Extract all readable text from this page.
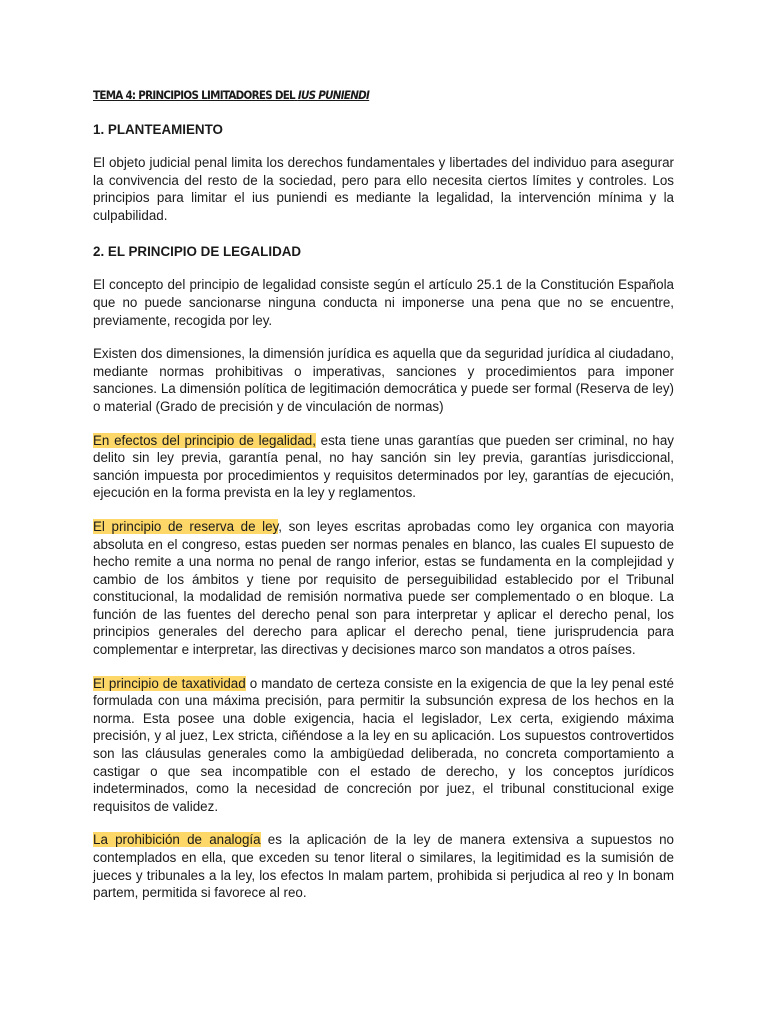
TEMA 4: PRINCIPIOS LIMITADORES DEL IUS PUNIENDI
1. PLANTEAMIENTO

El objeto judicial penal limita los derechos fundamentales y libertades del individuo para asegurar la convivencia del resto de la sociedad, pero para ello necesita ciertos límites y controles. Los principios para limitar el ius puniendi es mediante la legalidad, la intervención mínima y la culpabilidad.

2. EL PRINCIPIO DE LEGALIDAD

El concepto del principio de legalidad consiste según el artículo 25.1 de la Constitución Española que no puede sancionarse ninguna conducta ni imponerse una pena que no se encuentre, previamente, recogida por ley.

Existen dos dimensiones, la dimensión jurídica es aquella que da seguridad jurídica al ciudadano, mediante normas prohibitivas o imperativas, sanciones y procedimientos para imponer sanciones. La dimensión política de legitimación democrática y puede ser formal (Reserva de ley) o material (Grado de precisión y de vinculación de normas)

En efectos del principio de legalidad, esta tiene unas garantías que pueden ser criminal, no hay delito sin ley previa, garantía penal, no hay sanción sin ley previa, garantías jurisdiccional, sanción impuesta por procedimientos y requisitos determinados por ley, garantías de ejecución, ejecución en la forma prevista en la ley y reglamentos.

El principio de reserva de ley, son leyes escritas aprobadas como ley organica con mayoria absoluta en el congreso, estas pueden ser normas penales en blanco, las cuales El supuesto de hecho remite a una norma no penal de rango inferior, estas se fundamenta en la complejidad y cambio de los ámbitos y tiene por requisito de perseguibilidad establecido por el Tribunal constitucional, la modalidad de remisión normativa puede ser complementado o en bloque. La función de las fuentes del derecho penal son para interpretar y aplicar el derecho penal, los principios generales del derecho para aplicar el derecho penal, tiene jurisprudencia para complementar e interpretar, las directivas y decisiones marco son mandatos a otros países.

El principio de taxatividad o mandato de certeza consiste en la exigencia de que la ley penal esté formulada con una máxima precisión, para permitir la subsunción expresa de los hechos en la norma. Esta posee una doble exigencia, hacia el legislador, Lex certa, exigiendo máxima precisión, y al juez, Lex stricta, ciñéndose a la ley en su aplicación. Los supuestos controvertidos son las cláusulas generales como la ambigüedad deliberada, no concreta comportamiento a castigar o que sea incompatible con el estado de derecho, y los conceptos jurídicos indeterminados, como la necesidad de concreción por juez, el tribunal constitucional exige requisitos de validez.

La prohibición de analogía es la aplicación de la ley de manera extensiva a supuestos no contemplados en ella, que exceden su tenor literal o similares, la legitimidad es la sumisión de jueces y tribunales a la ley, los efectos In malam partem, prohibida si perjudica al reo y In bonam partem, permitida si favorece al reo.
